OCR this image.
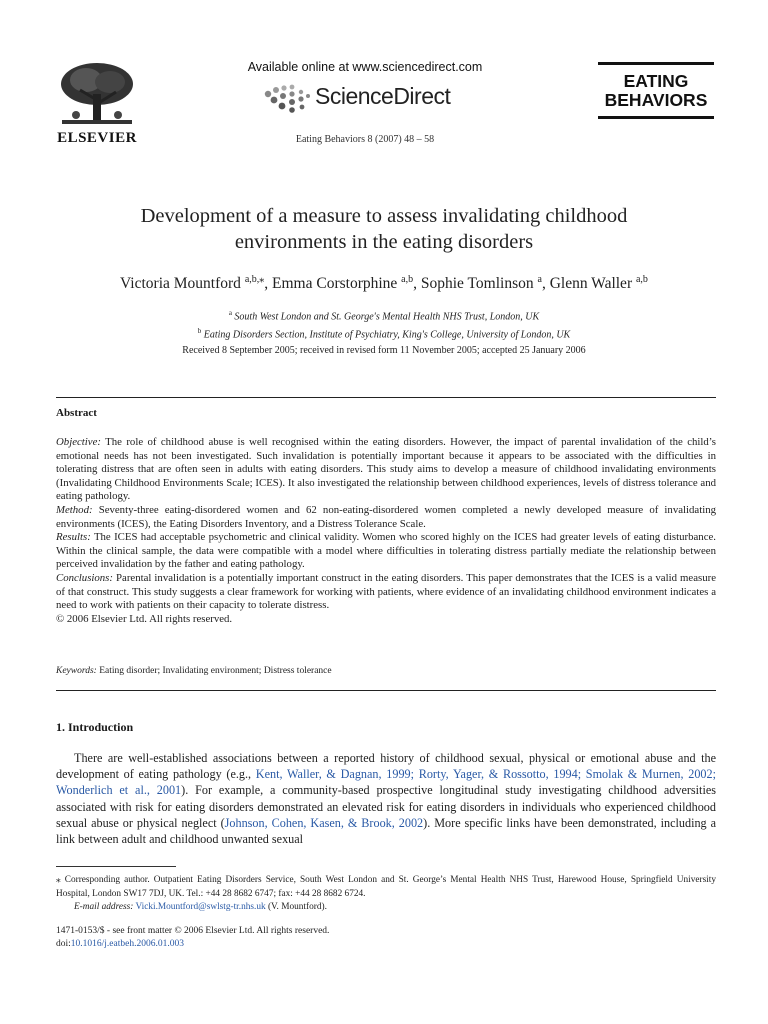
ELSEVIER
Available online at www.sciencedirect.com
ScienceDirect
Eating Behaviors 8 (2007) 48 – 58
EATING
BEHAVIORS
Development of a measure to assess invalidating childhood
environments in the eating disorders
Victoria Mountford $^{a,b,⁎}$, Emma Corstorphine $^{a,b}$, Sophie Tomlinson $^a$, Glenn Waller $^{a,b}$
$^a$ South West London and St. George's Mental Health NHS Trust, London, UK
$^b$ Eating Disorders Section, Institute of Psychiatry, King's College, University of London, UK
Received 8 September 2005; received in revised form 11 November 2005; accepted 25 January 2006
Abstract

Objective: The role of childhood abuse is well recognised within the eating disorders. However, the impact of parental invalidation of the child’s emotional needs has not been investigated. Such invalidation is potentially important because it appears to be associated with the difficulties in tolerating distress that are often seen in adults with eating disorders. This study aims to develop a measure of childhood invalidating environments (Invalidating Childhood Environments Scale; ICES). It also investigated the relationship between childhood experiences, levels of distress tolerance and eating pathology.

Method: Seventy-three eating-disordered women and 62 non-eating-disordered women completed a newly developed measure of invalidating environments (ICES), the Eating Disorders Inventory, and a Distress Tolerance Scale.

Results: The ICES had acceptable psychometric and clinical validity. Women who scored highly on the ICES had greater levels of eating disturbance. Within the clinical sample, the data were compatible with a model where difficulties in tolerating distress partially mediate the relationship between perceived invalidation by the father and eating pathology.

Conclusions: Parental invalidation is a potentially important construct in the eating disorders. This paper demonstrates that the ICES is a valid measure of that construct. This study suggests a clear framework for working with patients, where evidence of an invalidating childhood environment indicates a need to work with patients on their capacity to tolerate distress.

© 2006 Elsevier Ltd. All rights reserved.

Keywords: Eating disorder; Invalidating environment; Distress tolerance
1. Introduction

There are well-established associations between a reported history of childhood sexual, physical or emotional abuse and the development of eating pathology (e.g., Kent, Waller, & Dagnan, 1999; Rorty, Yager, & Rossotto, 1994; Smolak & Murnen, 2002; Wonderlich et al., 2001). For example, a community-based prospective longitudinal study investigating childhood adversities associated with risk for eating disorders demonstrated an elevated risk for eating disorders in individuals who experienced childhood sexual abuse or physical neglect (Johnson, Cohen, Kasen, & Brook, 2002). More specific links have been demonstrated, including a link between adult and childhood unwanted sexual

⁎ Corresponding author. Outpatient Eating Disorders Service, South West London and St. George’s Mental Health NHS Trust, Harewood House, Springfield University Hospital, London SW17 7DJ, UK. Tel.: +44 28 8682 6747; fax: +44 28 8682 6724.

E-mail address: Vicki.Mountford@swlstg-tr.nhs.uk (V. Mountford).

1471-0153/$ - see front matter © 2006 Elsevier Ltd. All rights reserved.

doi:10.1016/j.eatbeh.2006.01.003
